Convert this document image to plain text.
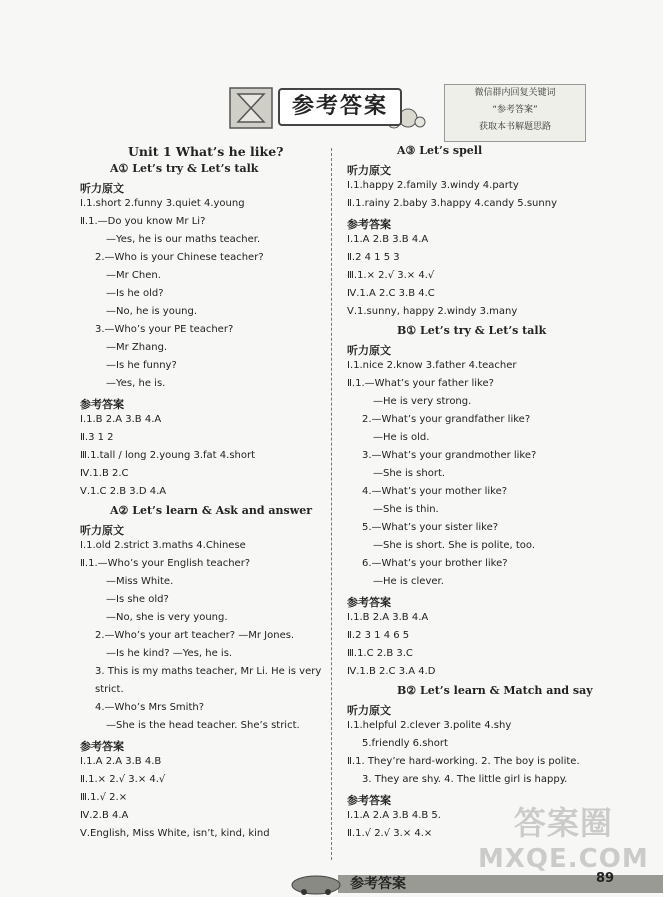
参考答案	微信群内回复关键词
“参考答案”
获取本书解题思路
Unit 1 What’s he like?
A① Let’s try & Let’s talk
听力原文
Ⅰ.1.short 2.funny 3.quiet 4.young
Ⅱ.1.—Do you know Mr Li?
—Yes, he is our maths teacher.
2.—Who is your Chinese teacher?
—Mr Chen.
—Is he old?
—No, he is young.
3.—Who’s your PE teacher?
—Mr Zhang.
—Is he funny?
—Yes, he is.
参考答案
Ⅰ.1.B 2.A 3.B 4.A
Ⅱ.3 1 2
Ⅲ.1.tall / long 2.young 3.fat 4.short
Ⅳ.1.B 2.C
Ⅴ.1.C 2.B 3.D 4.A
A② Let’s learn & Ask and answer
听力原文
Ⅰ.1.old 2.strict 3.maths 4.Chinese
Ⅱ.1.—Who’s your English teacher?
—Miss White.
—Is she old?
—No, she is very young.
2.—Who’s your art teacher? —Mr Jones.
—Is he kind? —Yes, he is.
3. This is my maths teacher, Mr Li. He is very
strict.
4.—Who’s Mrs Smith?
—She is the head teacher. She’s strict.
参考答案
Ⅰ.1.A 2.A 3.B 4.B
Ⅱ.1.× 2.√ 3.× 4.√
Ⅲ.1.√ 2.×
Ⅳ.2.B 4.A
Ⅴ.English, Miss White, isn’t, kind, kind
A③ Let’s spell
听力原文
Ⅰ.1.happy 2.family 3.windy 4.party
Ⅱ.1.rainy 2.baby 3.happy 4.candy 5.sunny
参考答案
Ⅰ.1.A 2.B 3.B 4.A
Ⅱ.2 4 1 5 3
Ⅲ.1.× 2.√ 3.× 4.√
Ⅳ.1.A 2.C 3.B 4.C
Ⅴ.1.sunny, happy 2.windy 3.many
B① Let’s try & Let’s talk
听力原文
Ⅰ.1.nice 2.know 3.father 4.teacher
Ⅱ.1.—What’s your father like?
—He is very strong.
2.—What’s your grandfather like?
—He is old.
3.—What’s your grandmother like?
—She is short.
4.—What’s your mother like?
—She is thin.
5.—What’s your sister like?
—She is short. She is polite, too.
6.—What’s your brother like?
—He is clever.
参考答案
Ⅰ.1.B 2.A 3.B 4.A
Ⅱ.2 3 1 4 6 5
Ⅲ.1.C 2.B 3.C
Ⅳ.1.B 2.C 3.A 4.D
B② Let’s learn & Match and say
听力原文
Ⅰ.1.helpful 2.clever 3.polite 4.shy
5.friendly 6.short
Ⅱ.1. They’re hard-working. 2. The boy is polite.
3. They are shy. 4. The little girl is happy.
参考答案
Ⅰ.1.A 2.A 3.B 4.B 5.
Ⅱ.1.√ 2.√ 3.× 4.×	答案圈
MXQE.COM
参考答案	89
